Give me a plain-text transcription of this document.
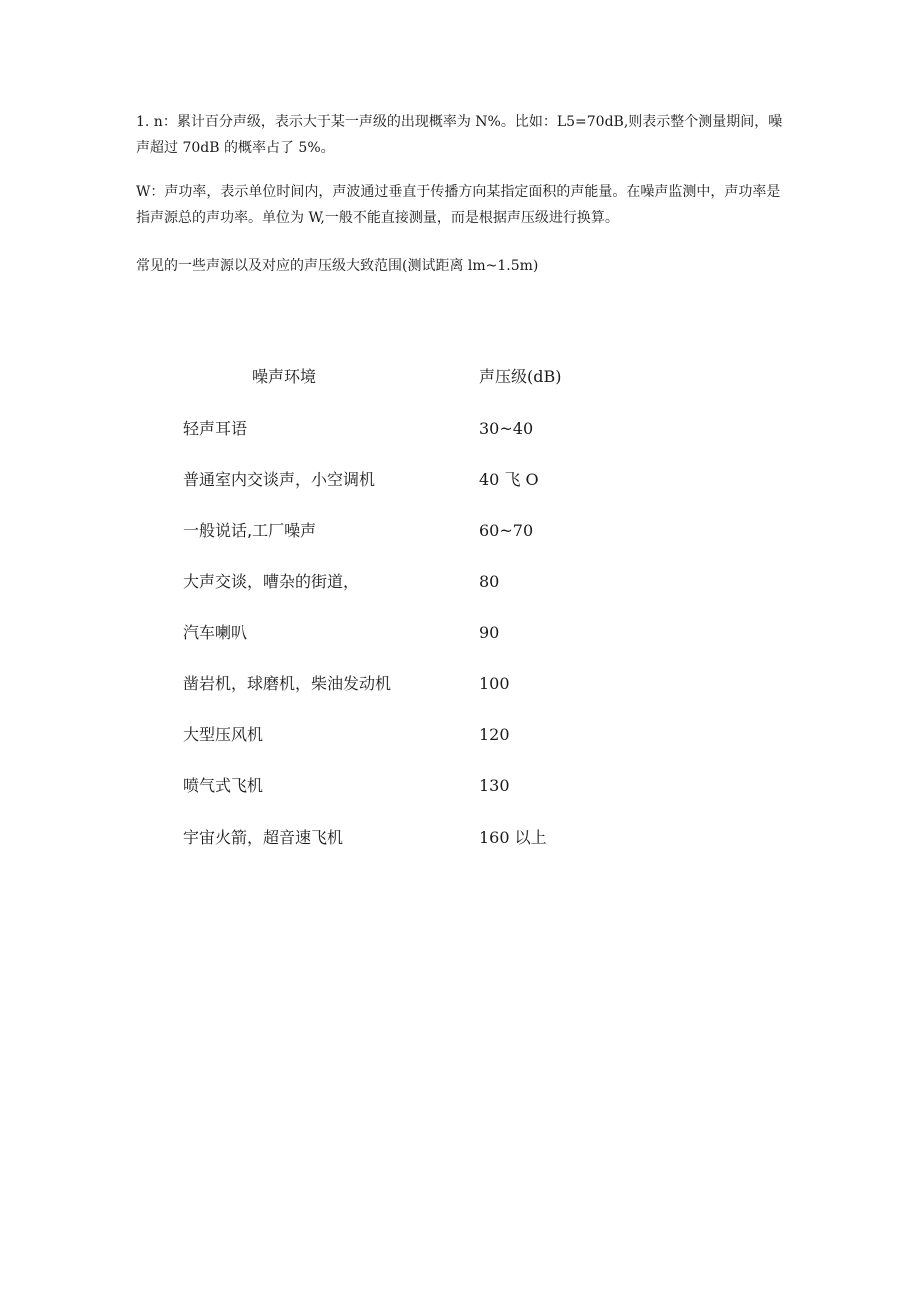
1. n：累计百分声级，表示大于某一声级的出现概率为 N%。比如：L5=70dB,则表示整个测量期间，噪声超过 70dB 的概率占了 5%。

W：声功率，表示单位时间内，声波通过垂直于传播方向某指定面积的声能量。在噪声监测中，声功率是指声源总的声功率。单位为 W,一般不能直接测量，而是根据声压级进行换算。

常见的一些声源以及对应的声压级大致范围(测试距离 lm~1.5m)

噪声环境	声压级(dB)
轻声耳语	30~40
普通室内交谈声，小空调机	40 飞 O
一般说话,工厂噪声	60~70
大声交谈，嘈杂的街道，	80
汽车喇叭	90
凿岩机，球磨机，柴油发动机	100
大型压风机	120
喷气式飞机	130
宇宙火箭，超音速飞机	160 以上
